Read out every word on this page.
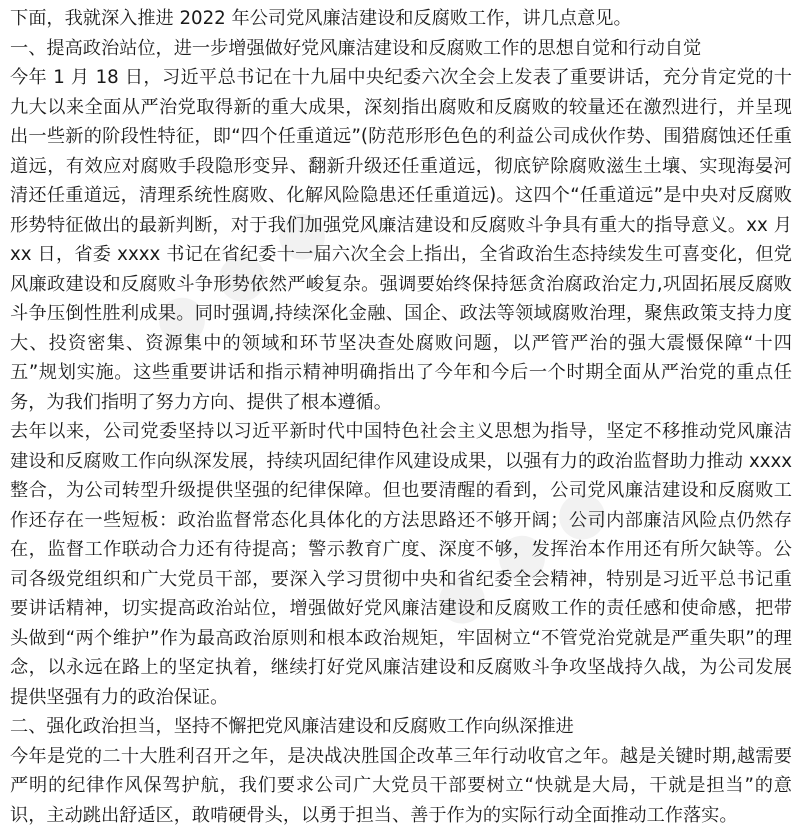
下面，我就深入推进 2022 年公司党风廉洁建设和反腐败工作，讲几点意见。

一、提高政治站位，进一步增强做好党风廉洁建设和反腐败工作的思想自觉和行动自觉

今年 1 月 18 日，习近平总书记在十九届中央纪委六次全会上发表了重要讲话，充分肯定党的十九大以来全面从严治党取得新的重大成果，深刻指出腐败和反腐败的较量还在激烈进行，并呈现出一些新的阶段性特征，即“四个任重道远”(防范形形色色的利益公司成伙作势、围猎腐蚀还任重道远，有效应对腐败手段隐形变异、翻新升级还任重道远，彻底铲除腐败滋生土壤、实现海晏河清还任重道远，清理系统性腐败、化解风险隐患还任重道远)。这四个“任重道远”是中央对反腐败形势特征做出的最新判断，对于我们加强党风廉洁建设和反腐败斗争具有重大的指导意义。xx 月 xx 日，省委 xxxx 书记在省纪委十一届六次全会上指出，全省政治生态持续发生可喜变化，但党风廉政建设和反腐败斗争形势依然严峻复杂。强调要始终保持惩贪治腐政治定力,巩固拓展反腐败斗争压倒性胜利成果。同时强调,持续深化金融、国企、政法等领域腐败治理，聚焦政策支持力度大、投资密集、资源集中的领域和环节坚决查处腐败问题，以严管严治的强大震慑保障“十四五”规划实施。这些重要讲话和指示精神明确指出了今年和今后一个时期全面从严治党的重点任务，为我们指明了努力方向、提供了根本遵循。

去年以来，公司党委坚持以习近平新时代中国特色社会主义思想为指导，坚定不移推动党风廉洁建设和反腐败工作向纵深发展，持续巩固纪律作风建设成果，以强有力的政治监督助力推动 xxxx 整合，为公司转型升级提供坚强的纪律保障。但也要清醒的看到，公司党风廉洁建设和反腐败工作还存在一些短板：政治监督常态化具体化的方法思路还不够开阔；公司内部廉洁风险点仍然存在，监督工作联动合力还有待提高；警示教育广度、深度不够，发挥治本作用还有所欠缺等。公司各级党组织和广大党员干部，要深入学习贯彻中央和省纪委全会精神，特别是习近平总书记重要讲话精神，切实提高政治站位，增强做好党风廉洁建设和反腐败工作的责任感和使命感，把带头做到“两个维护”作为最高政治原则和根本政治规矩，牢固树立“不管党治党就是严重失职”的理念，以永远在路上的坚定执着，继续打好党风廉洁建设和反腐败斗争攻坚战持久战，为公司发展提供坚强有力的政治保证。

二、强化政治担当，坚持不懈把党风廉洁建设和反腐败工作向纵深推进

今年是党的二十大胜利召开之年，是决战决胜国企改革三年行动收官之年。越是关键时期,越需要严明的纪律作风保驾护航，我们要求公司广大党员干部要树立“快就是大局，干就是担当”的意识，主动跳出舒适区，敢啃硬骨头，以勇于担当、善于作为的实际行动全面推动工作落实。

● ● ●
● ● ●
